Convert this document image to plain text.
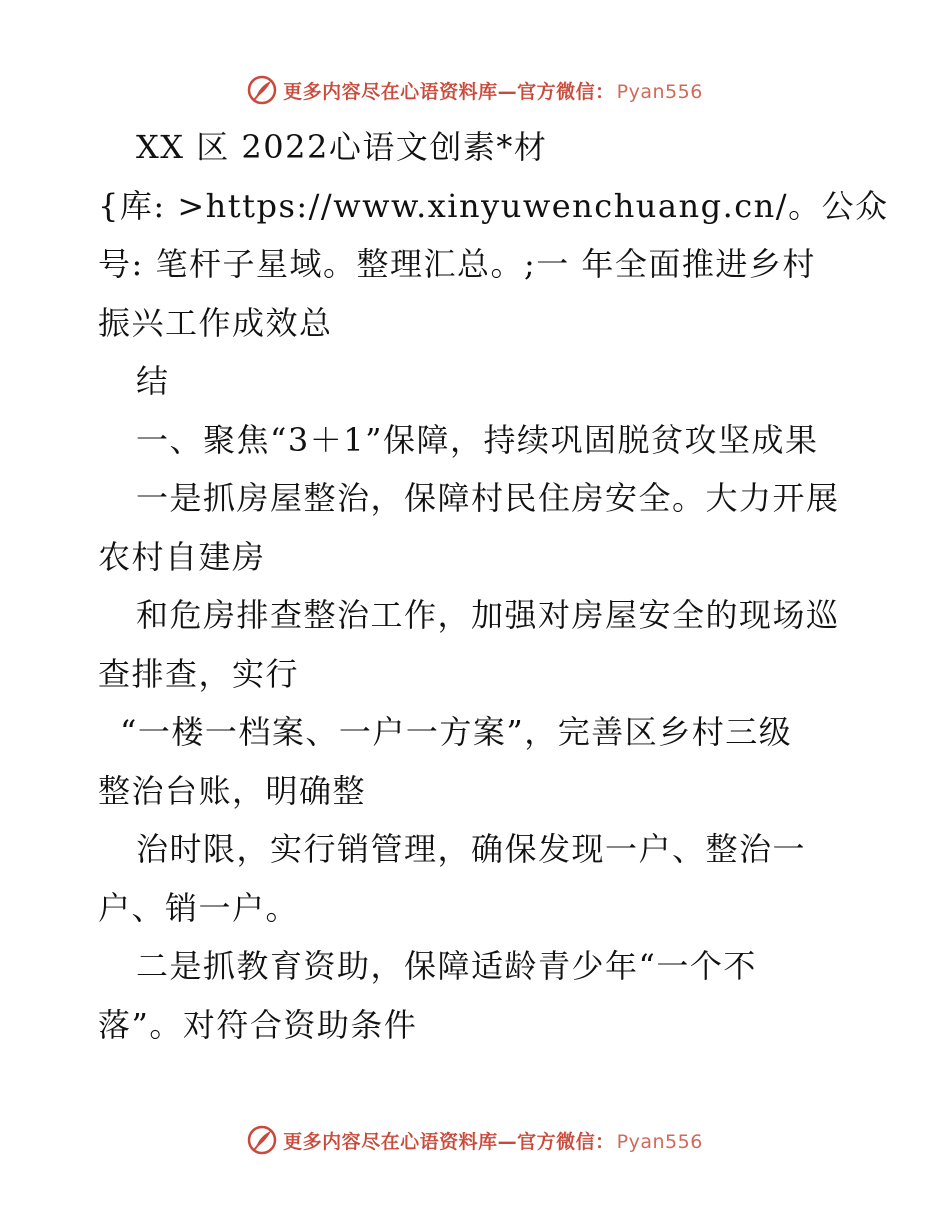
更多内容尽在心语资料库—官方微信： Pyan556
XX 区 2022心语文创素*材
{库: >https://www.xinyuwenchuang.cn/。公众
号: 笔杆子星域。整理汇总。;一 年全面推进乡村
振兴工作成效总
结
一、聚焦“3＋1”保障，持续巩固脱贫攻坚成果
一是抓房屋整治，保障村民住房安全。大力开展
农村自建房
和危房排查整治工作，加强对房屋安全的现场巡
查排查，实行
“一楼一档案、一户一方案”，完善区乡村三级
整治台账，明确整
治时限，实行销管理，确保发现一户、整治一
户、销一户。
二是抓教育资助，保障适龄青少年“一个不
落”。对符合资助条件
更多内容尽在心语资料库—官方微信： Pyan556
